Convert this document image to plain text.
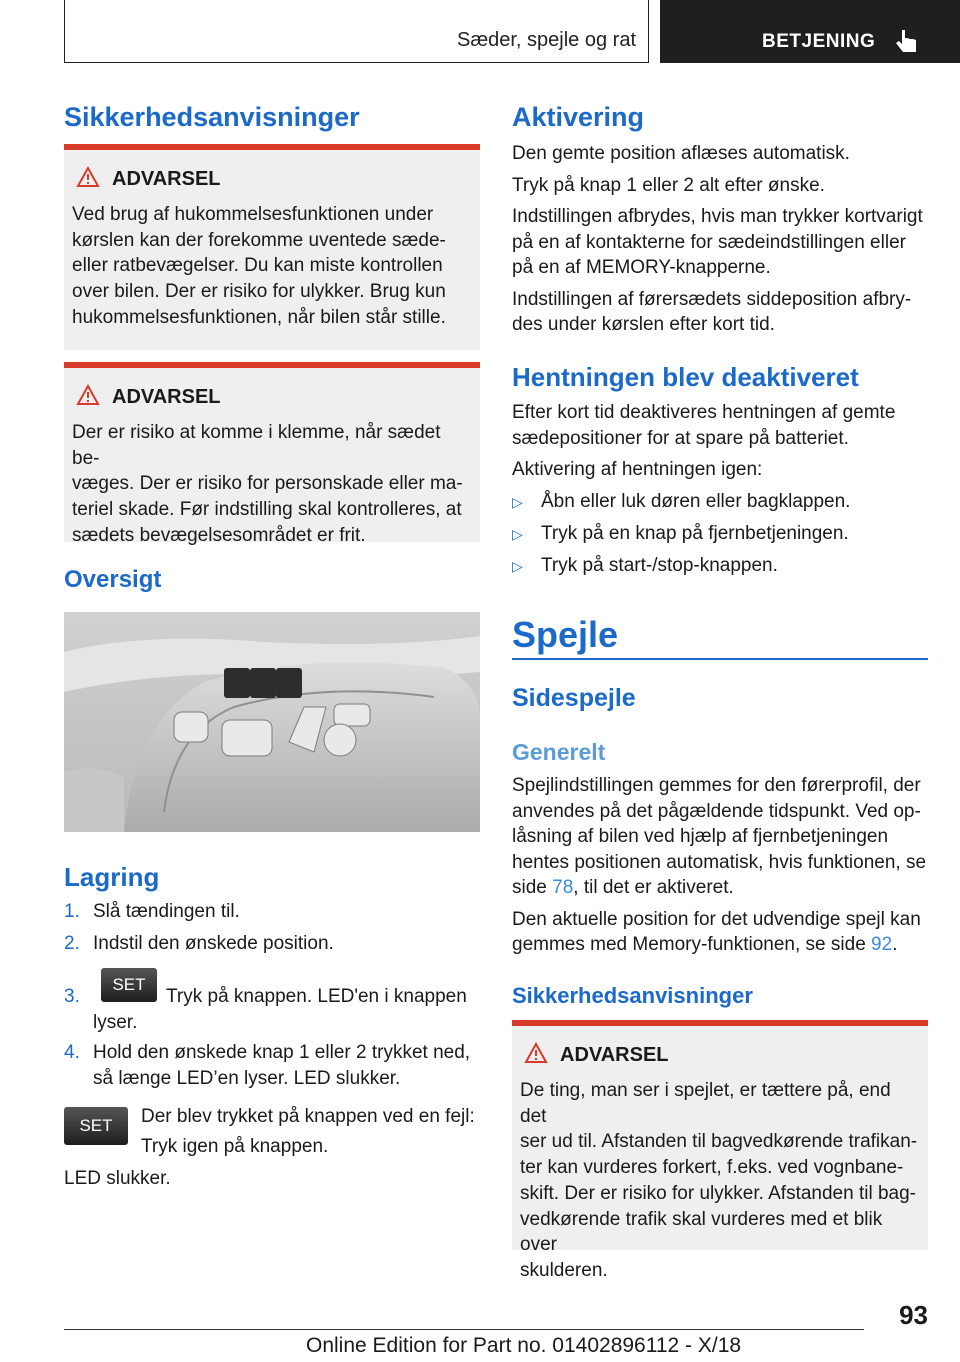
Sæder, spejle og rat	BETJENING
Sikkerhedsanvisninger
ADVARSEL
Ved brug af hukommelsesfunktionen under
kørslen kan der forekomme uventede sæde-
eller ratbevægelser. Du kan miste kontrollen
over bilen. Der er risiko for ulykker. Brug kun
hukommelsesfunktionen, når bilen står stille.
ADVARSEL
Der er risiko at komme i klemme, når sædet be-
væges. Der er risiko for personskade eller ma-
teriel skade. Før indstilling skal kontrolleres, at
sædets bevægelsesområdet er frit.
Oversigt
Lagring
1. Slå tændingen til.
2. Indstil den ønskede position.
3.
SET
Tryk på knappen. LED'en i knappen
lyser.
4. Hold den ønskede knap 1 eller 2 trykket ned,
så længe LED’en lyser. LED slukker.
SET	Der blev trykket på knappen ved en fejl:
Tryk igen på knappen.
LED slukker.
Aktivering
Den gemte position aflæses automatisk.
Tryk på knap 1 eller 2 alt efter ønske.
Indstillingen afbrydes, hvis man trykker kortvarigt
på en af kontakterne for sædeindstillingen eller
på en af MEMORY-knapperne.
Indstillingen af førersædets siddeposition afbry-
des under kørslen efter kort tid.
Hentningen blev deaktiveret
Efter kort tid deaktiveres hentningen af gemte
sædepositioner for at spare på batteriet.
Aktivering af hentningen igen:
▷ Åbn eller luk døren eller bagklappen.
▷ Tryk på en knap på fjernbetjeningen.
▷ Tryk på start-/stop-knappen.
Spejle
Sidespejle
Generelt
Spejlindstillingen gemmes for den førerprofil, der
anvendes på det pågældende tidspunkt. Ved op-
låsning af bilen ved hjælp af fjernbetjeningen
hentes positionen automatisk, hvis funktionen, se
side 78, til det er aktiveret.
Den aktuelle position for det udvendige spejl kan
gemmes med Memory-funktionen, se side 92.
Sikkerhedsanvisninger
ADVARSEL
De ting, man ser i spejlet, er tættere på, end det
ser ud til. Afstanden til bagvedkørende trafikan-
ter kan vurderes forkert, f.eks. ved vognbane-
skift. Der er risiko for ulykker. Afstanden til bag-
vedkørende trafik skal vurderes med et blik over
skulderen.
93
Online Edition for Part no. 01402896112 - X/18
